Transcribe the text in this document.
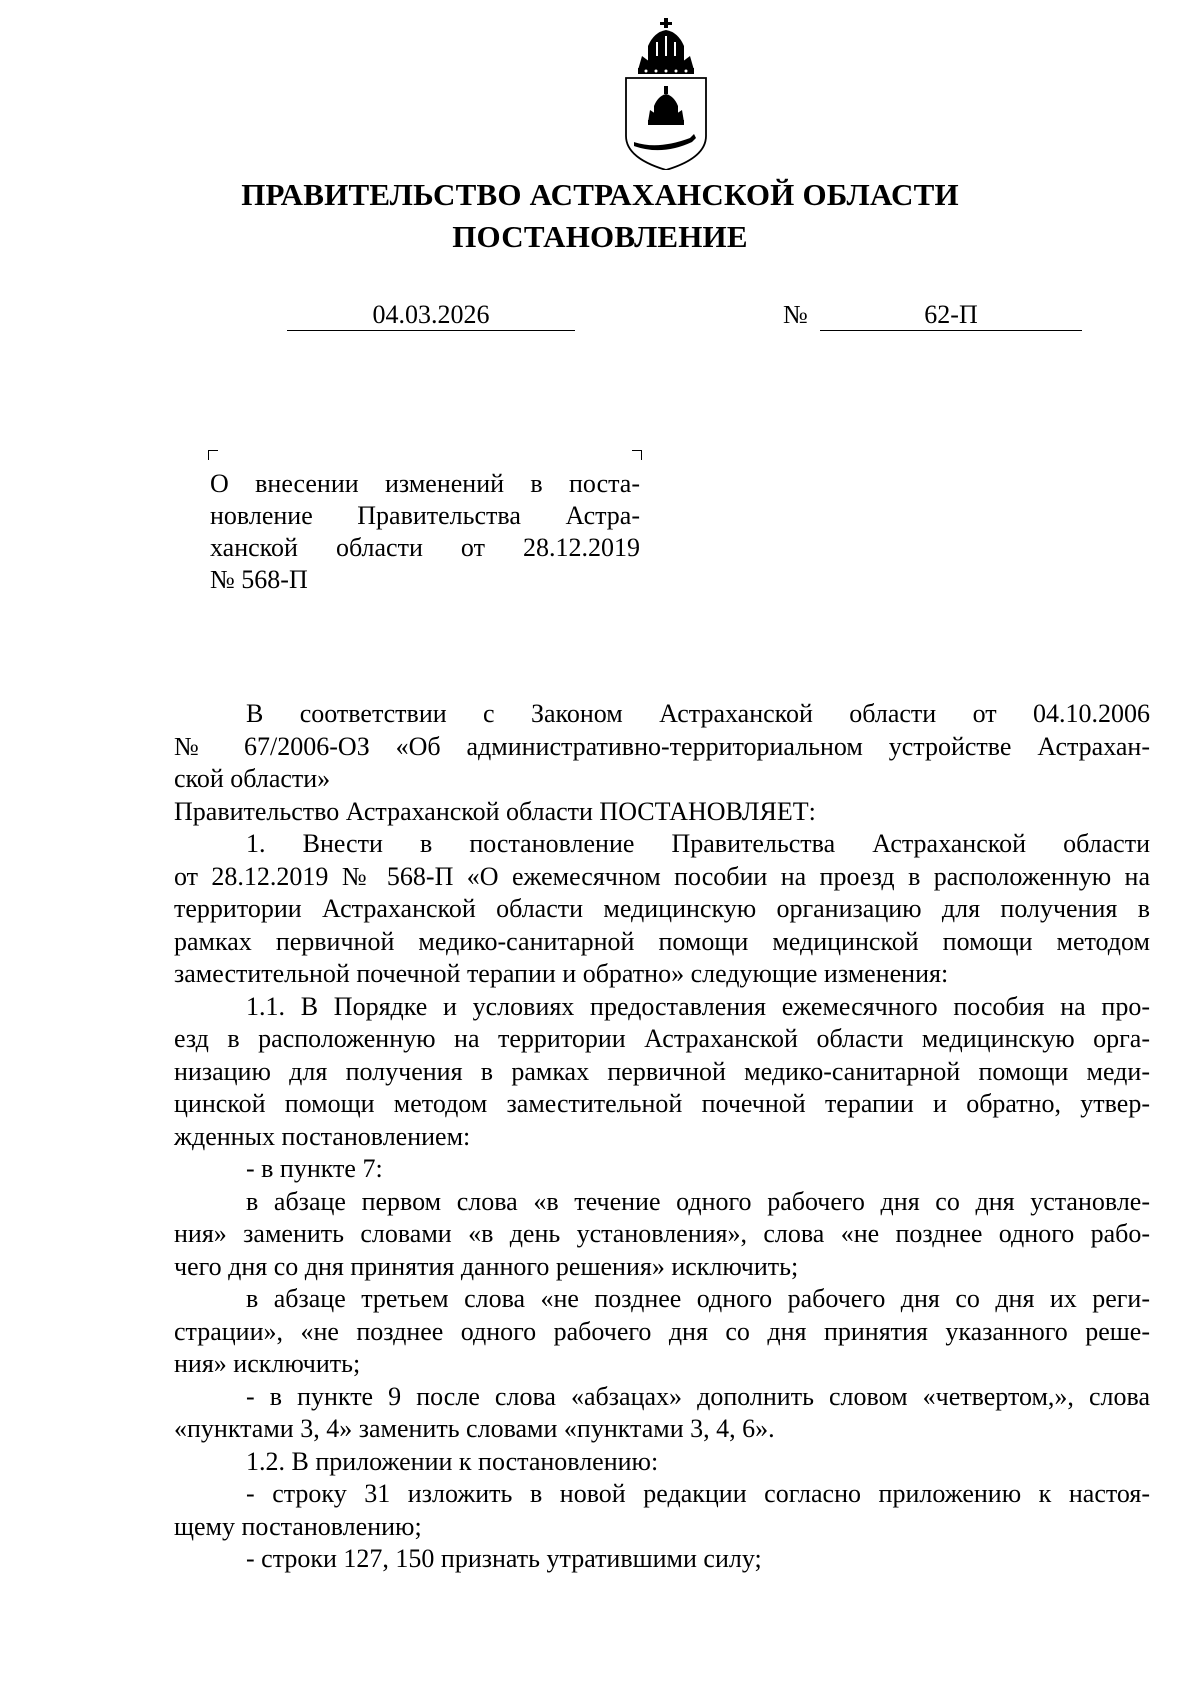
ПРАВИТЕЛЬСТВО АСТРАХАНСКОЙ ОБЛАСТИ
ПОСТАНОВЛЕНИЕ
04.03.2026	№	62-П
О внесении изменений в поста-
новление Правительства Астра-
ханской области от 28.12.2019
№ 568-П
В соответствии с Законом Астраханской области от 04.10.2006
№ 67/2006-ОЗ «Об административно-территориальном устройстве Астрахан-
ской области»
Правительство Астраханской области ПОСТАНОВЛЯЕТ:
1. Внести в постановление Правительства Астраханской области
от 28.12.2019 № 568-П «О ежемесячном пособии на проезд в расположенную на
территории Астраханской области медицинскую организацию для получения в
рамках первичной медико-санитарной помощи медицинской помощи методом
заместительной почечной терапии и обратно» следующие изменения:
1.1. В Порядке и условиях предоставления ежемесячного пособия на про-
езд в расположенную на территории Астраханской области медицинскую орга-
низацию для получения в рамках первичной медико-санитарной помощи меди-
цинской помощи методом заместительной почечной терапии и обратно, утвер-
жденных постановлением:
- в пункте 7:
в абзаце первом слова «в течение одного рабочего дня со дня установле-
ния» заменить словами «в день установления», слова «не позднее одного рабо-
чего дня со дня принятия данного решения» исключить;
в абзаце третьем слова «не позднее одного рабочего дня со дня их реги-
страции», «не позднее одного рабочего дня со дня принятия указанного реше-
ния» исключить;
- в пункте 9 после слова «абзацах» дополнить словом «четвертом,», слова
«пунктами 3, 4» заменить словами «пунктами 3, 4, 6».
1.2. В приложении к постановлению:
- строку 31 изложить в новой редакции согласно приложению к настоя-
щему постановлению;
- строки 127, 150 признать утратившими силу;
